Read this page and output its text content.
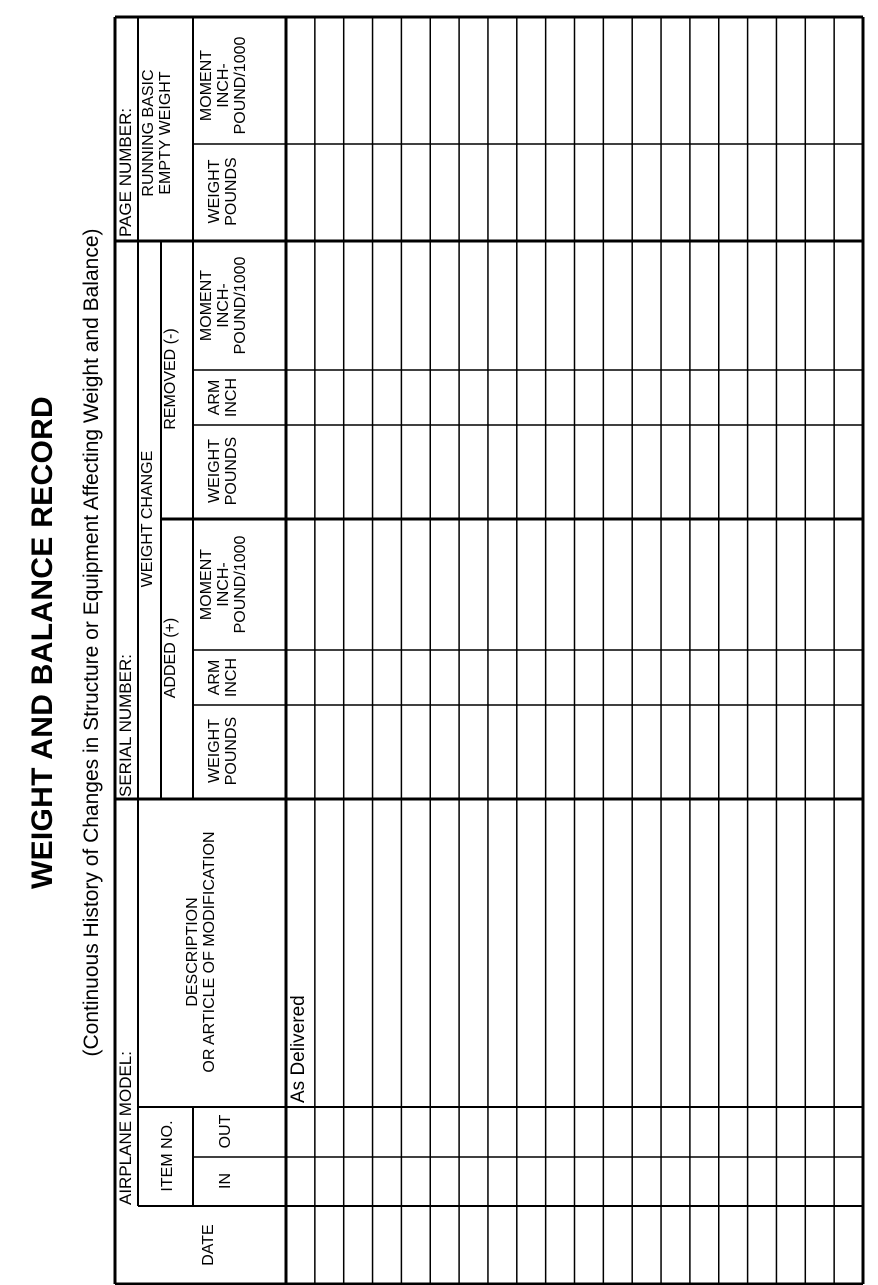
WEIGHT AND BALANCE RECORD (Continuous History of Changes in Structure or Equipment Affecting Weight and Balance)
AIRPLANE MODEL:
SERIAL NUMBER:
PAGE NUMBER:
DATE
ITEM NO.	IN
OUT
DESCRIPTION OR ARTICLE OF MODIFICATION
WEIGHT CHANGE
ADDED (+)
REMOVED (-)
WEIGHT POUNDS
ARM INCH
MOMENT INCH- POUND/1000
WEIGHT POUNDS
ARM INCH
MOMENT INCH- POUND/1000
RUNNING BASIC EMPTY WEIGHT WEIGHT POUNDS
MOMENT INCH- POUND/1000
As Delivered
